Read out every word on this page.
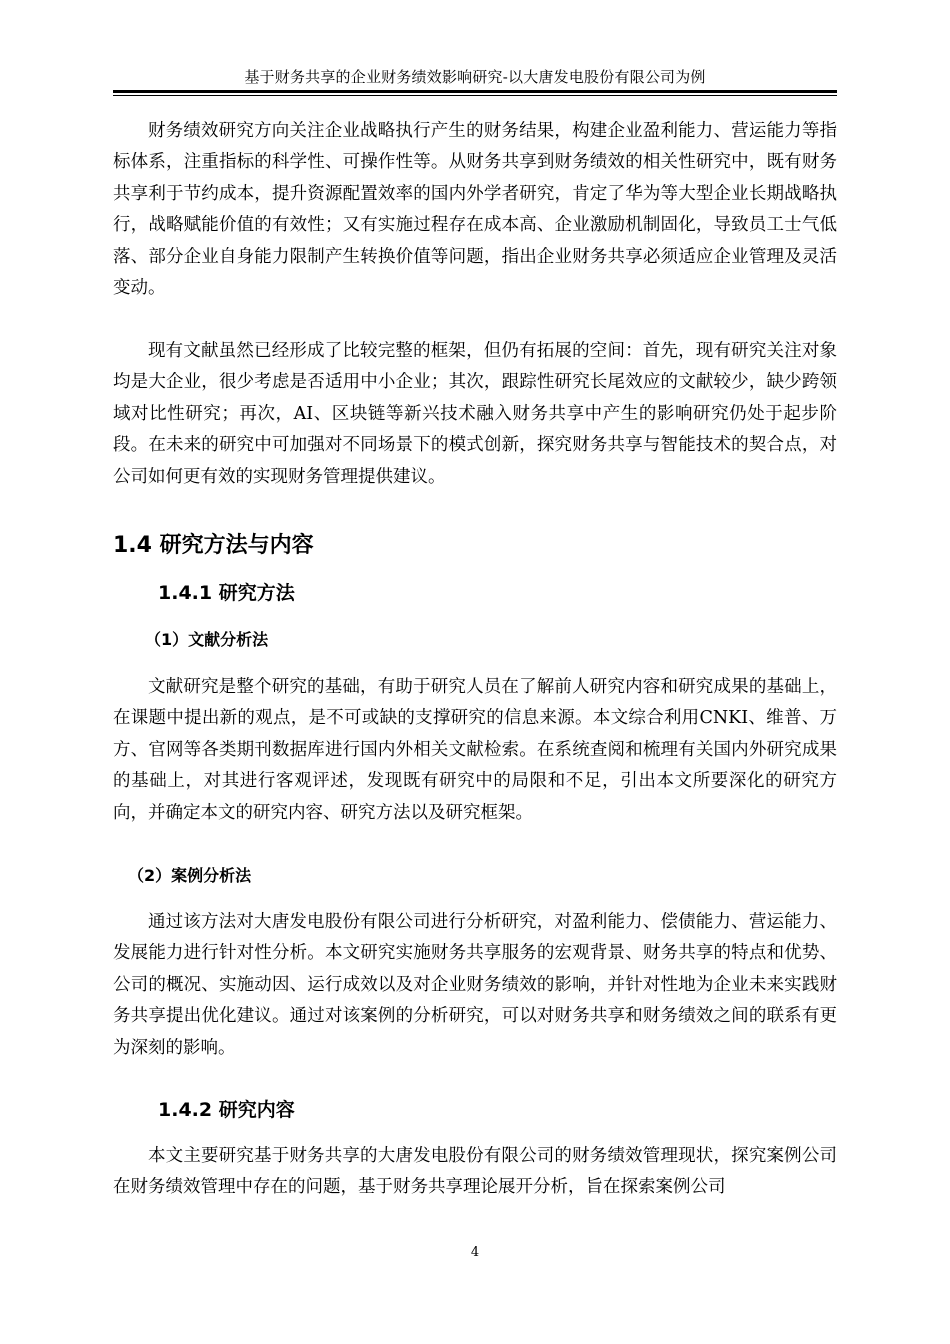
基于财务共享的企业财务绩效影响研究-以大唐发电股份有限公司为例

财务绩效研究方向关注企业战略执行产生的财务结果，构建企业盈利能力、营运能力等指标体系，注重指标的科学性、可操作性等。从财务共享到财务绩效的相关性研究中，既有财务共享利于节约成本，提升资源配置效率的国内外学者研究，肯定了华为等大型企业长期战略执行，战略赋能价值的有效性；又有实施过程存在成本高、企业激励机制固化，导致员工士气低落、部分企业自身能力限制产生转换价值等问题，指出企业财务共享必须适应企业管理及灵活变动。

现有文献虽然已经形成了比较完整的框架，但仍有拓展的空间：首先，现有研究关注对象均是大企业，很少考虑是否适用中小企业；其次，跟踪性研究长尾效应的文献较少，缺少跨领域对比性研究；再次，AI、区块链等新兴技术融入财务共享中产生的影响研究仍处于起步阶段。在未来的研究中可加强对不同场景下的模式创新，探究财务共享与智能技术的契合点，对公司如何更有效的实现财务管理提供建议。

1.4 研究方法与内容
1.4.1 研究方法
（1）文献分析法

文献研究是整个研究的基础，有助于研究人员在了解前人研究内容和研究成果的基础上，在课题中提出新的观点，是不可或缺的支撑研究的信息来源。本文综合利用CNKI、维普、万方、官网等各类期刊数据库进行国内外相关文献检索。在系统查阅和梳理有关国内外研究成果的基础上，对其进行客观评述，发现既有研究中的局限和不足，引出本文所要深化的研究方向，并确定本文的研究内容、研究方法以及研究框架。

（2）案例分析法

通过该方法对大唐发电股份有限公司进行分析研究，对盈利能力、偿债能力、营运能力、发展能力进行针对性分析。本文研究实施财务共享服务的宏观背景、财务共享的特点和优势、公司的概况、实施动因、运行成效以及对企业财务绩效的影响，并针对性地为企业未来实践财务共享提出优化建议。通过对该案例的分析研究，可以对财务共享和财务绩效之间的联系有更为深刻的影响。

1.4.2 研究内容

本文主要研究基于财务共享的大唐发电股份有限公司的财务绩效管理现状，探究案例公司在财务绩效管理中存在的问题，基于财务共享理论展开分析，旨在探索案例公司

4
